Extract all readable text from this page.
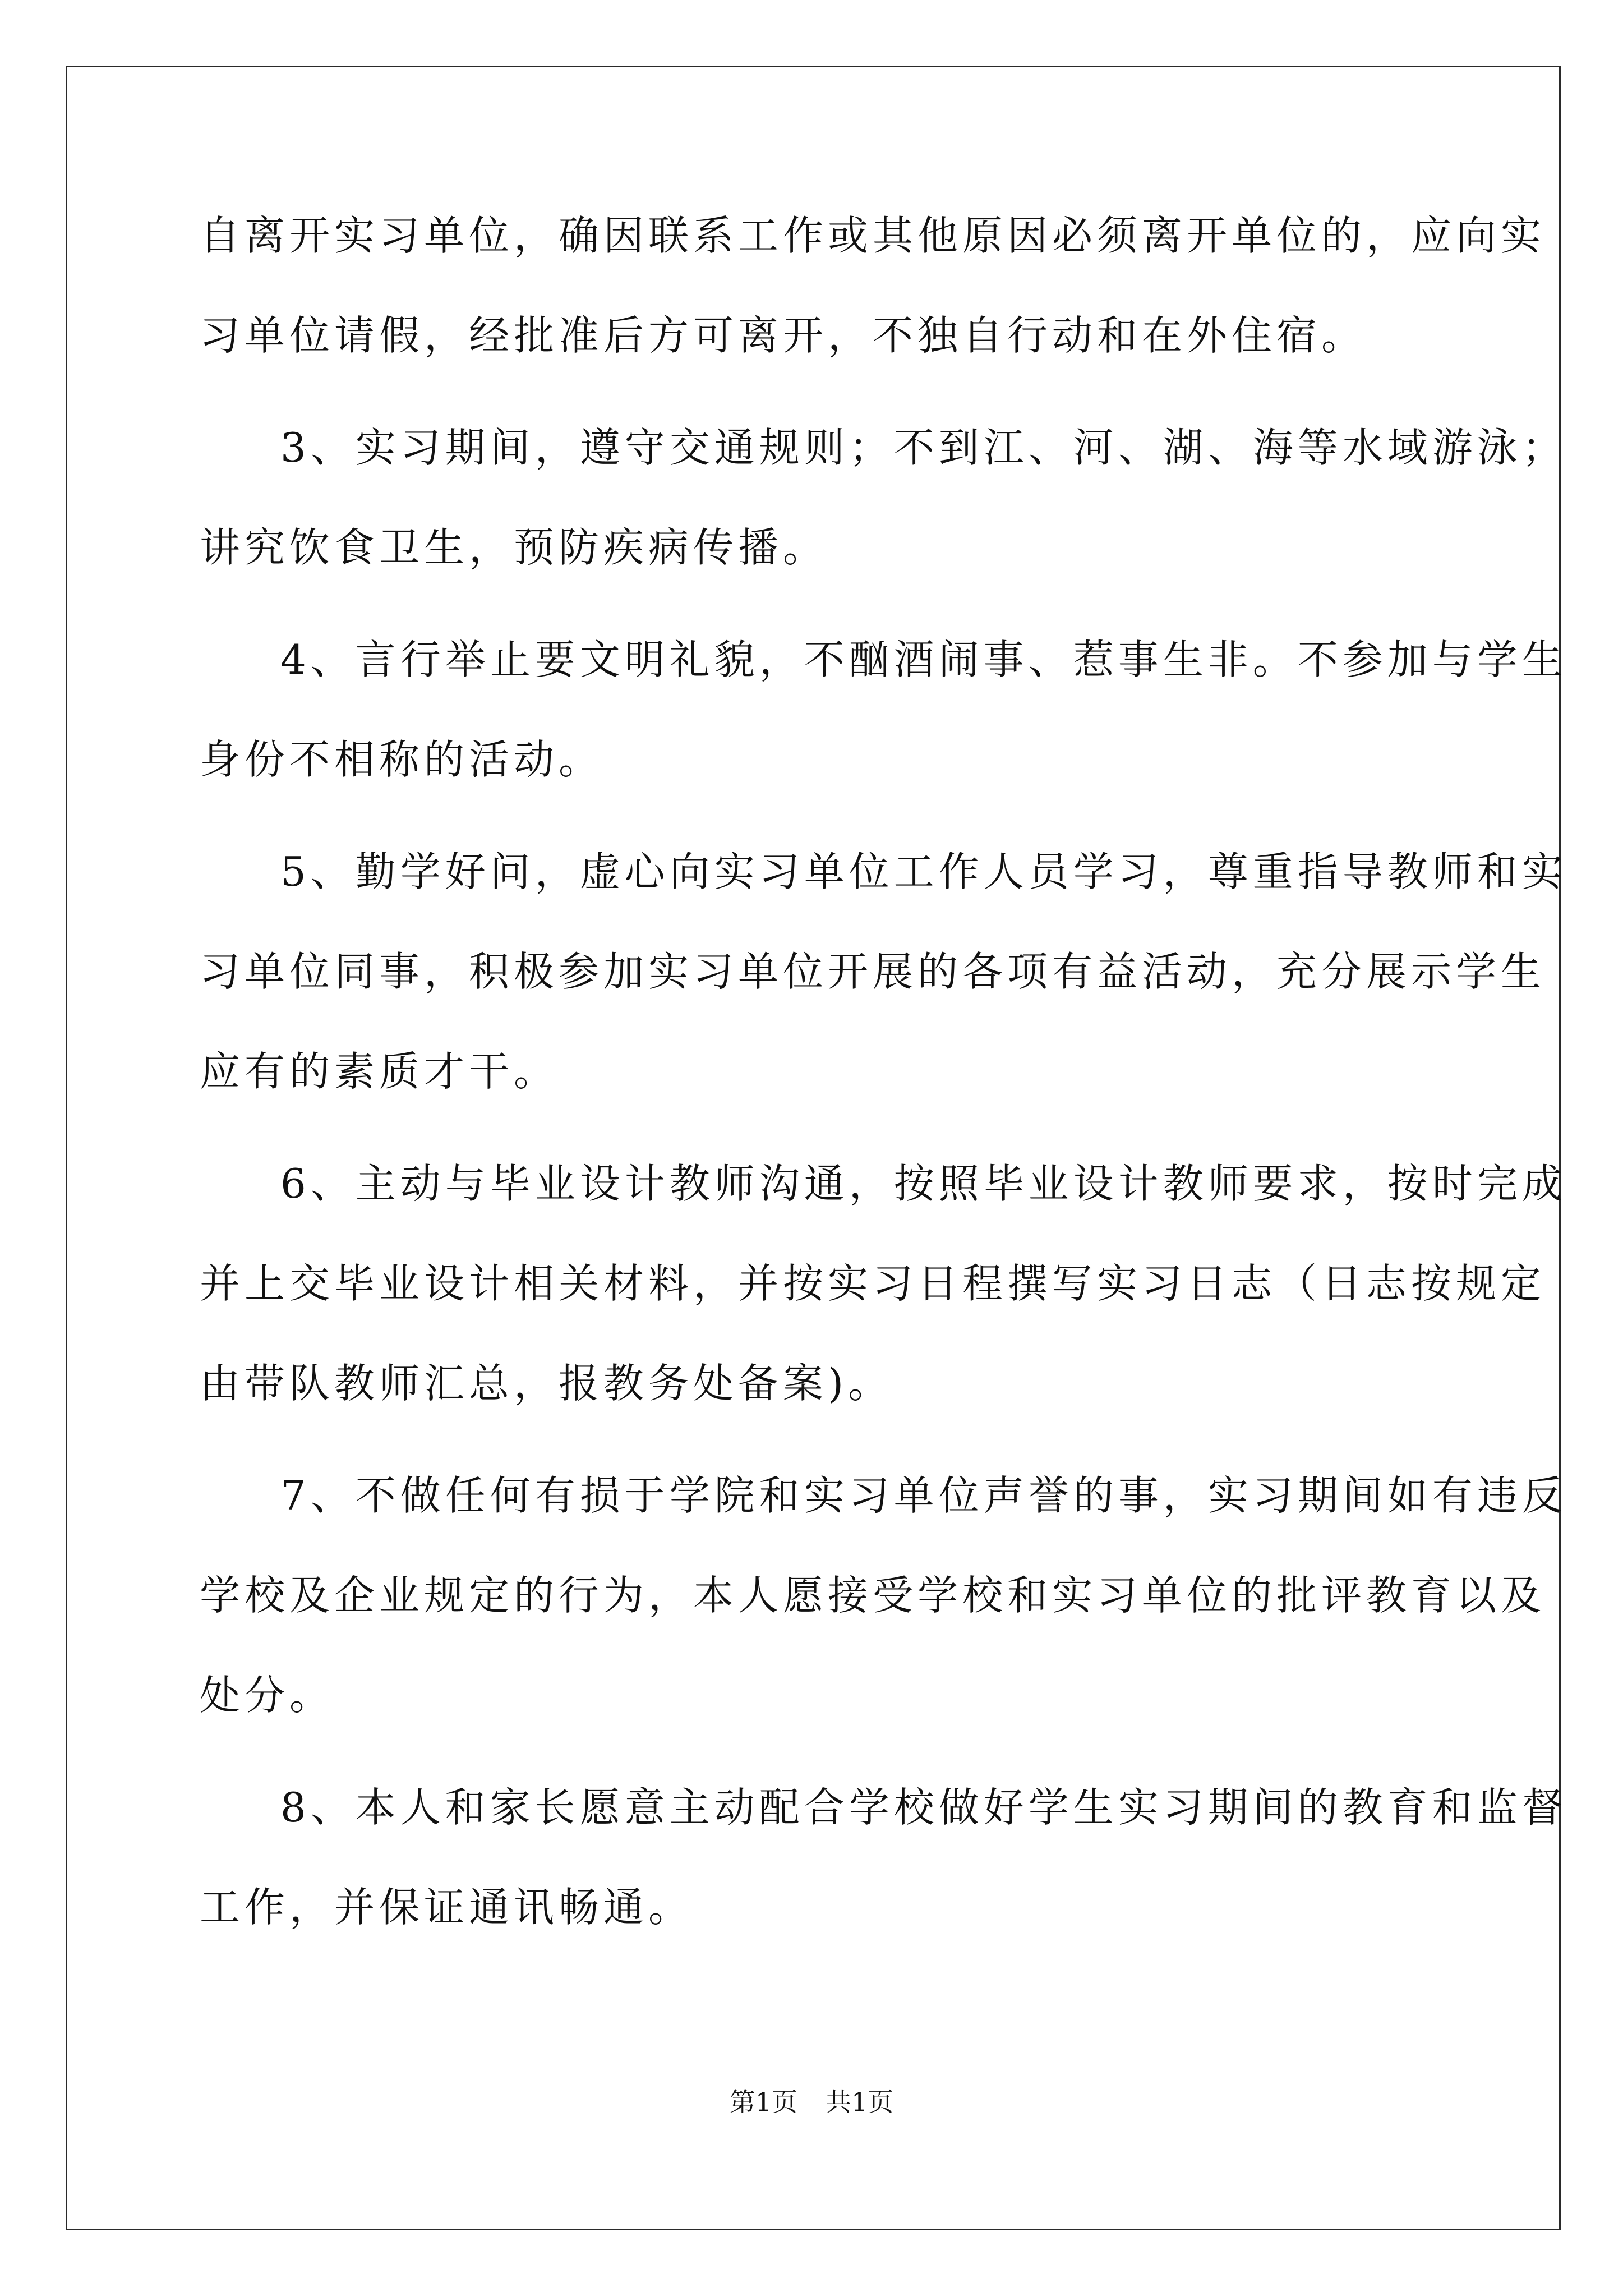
自离开实习单位，确因联系工作或其他原因必须离开单位的，应向实
习单位请假，经批准后方可离开，不独自行动和在外住宿。
3、实习期间，遵守交通规则；不到江、河、湖、海等水域游泳；
讲究饮食卫生，预防疾病传播。
4、言行举止要文明礼貌，不酗酒闹事、惹事生非。不参加与学生
身份不相称的活动。
5、勤学好问，虚心向实习单位工作人员学习，尊重指导教师和实
习单位同事，积极参加实习单位开展的各项有益活动，充分展示学生
应有的素质才干。
6、主动与毕业设计教师沟通，按照毕业设计教师要求，按时完成
并上交毕业设计相关材料，并按实习日程撰写实习日志（日志按规定
由带队教师汇总，报教务处备案)。
7、不做任何有损于学院和实习单位声誉的事，实习期间如有违反
学校及企业规定的行为，本人愿接受学校和实习单位的批评教育以及
处分。
8、本人和家长愿意主动配合学校做好学生实习期间的教育和监督
工作，并保证通讯畅通。
第1页 共1页
